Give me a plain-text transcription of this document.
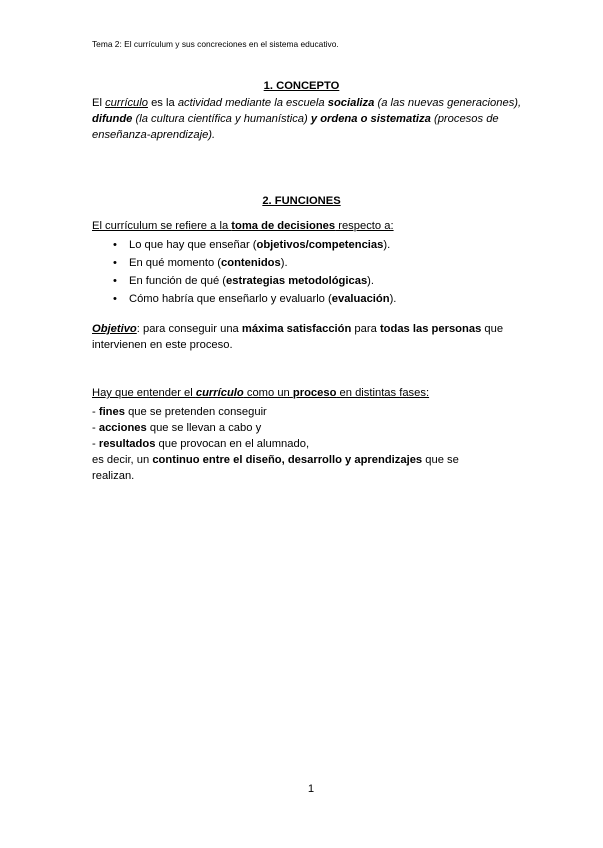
Tema 2: El currículum y sus concreciones en el sistema educativo.
1. CONCEPTO
El currículo es la actividad mediante la escuela socializa (a las nuevas generaciones), difunde (la cultura científica y humanística) y ordena o sistematiza (procesos de enseñanza-aprendizaje).
2. FUNCIONES
El currículum se refiere a la toma de decisiones respecto a:
• Lo que hay que enseñar (objetivos/competencias).
• En qué momento (contenidos).
• En función de qué (estrategias metodológicas).
• Cómo habría que enseñarlo y evaluarlo (evaluación).
Objetivo: para conseguir una máxima satisfacción para todas las personas que intervienen en este proceso.
Hay que entender el currículo como un proceso en distintas fases:
- fines que se pretenden conseguir
- acciones que se llevan a cabo y
- resultados que provocan en el alumnado,
es decir, un continuo entre el diseño, desarrollo y aprendizajes que se realizan.
1
